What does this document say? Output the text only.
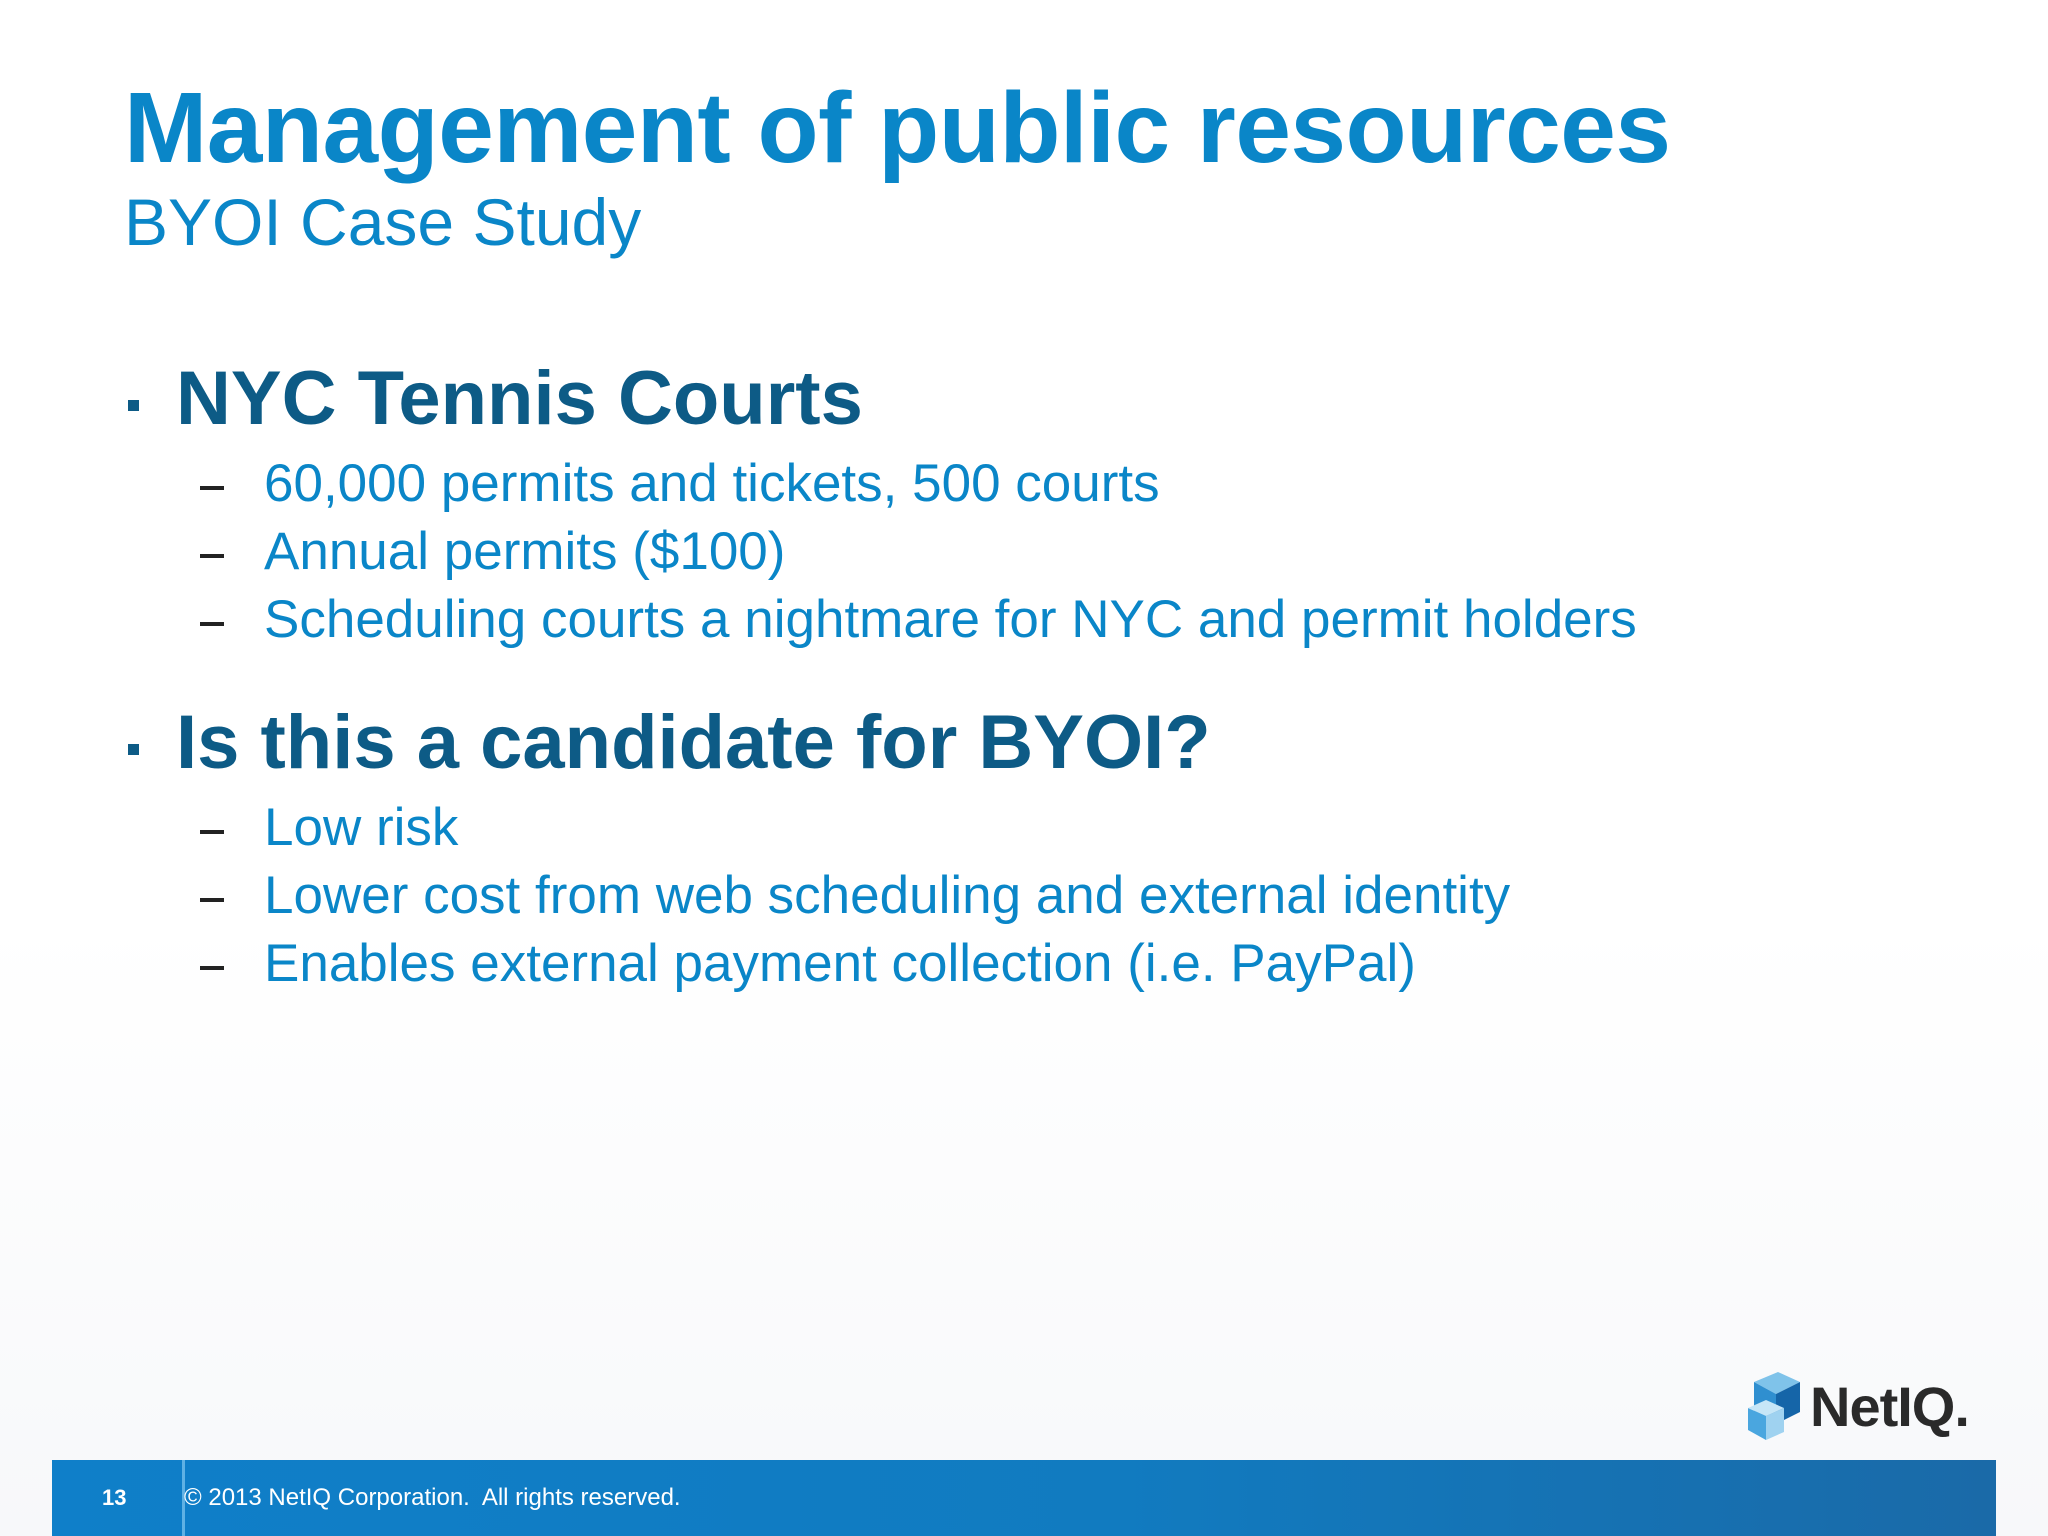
Management of public resources
BYOI Case Study
NYC Tennis Courts
60,000 permits and tickets, 500 courts
Annual permits ($100)
Scheduling courts a nightmare for NYC and permit holders
Is this a candidate for BYOI?
Low risk
Lower cost from web scheduling and external identity
Enables external payment collection (i.e. PayPal)
NetIQ.
13 © 2013 NetIQ Corporation.  All rights reserved.
